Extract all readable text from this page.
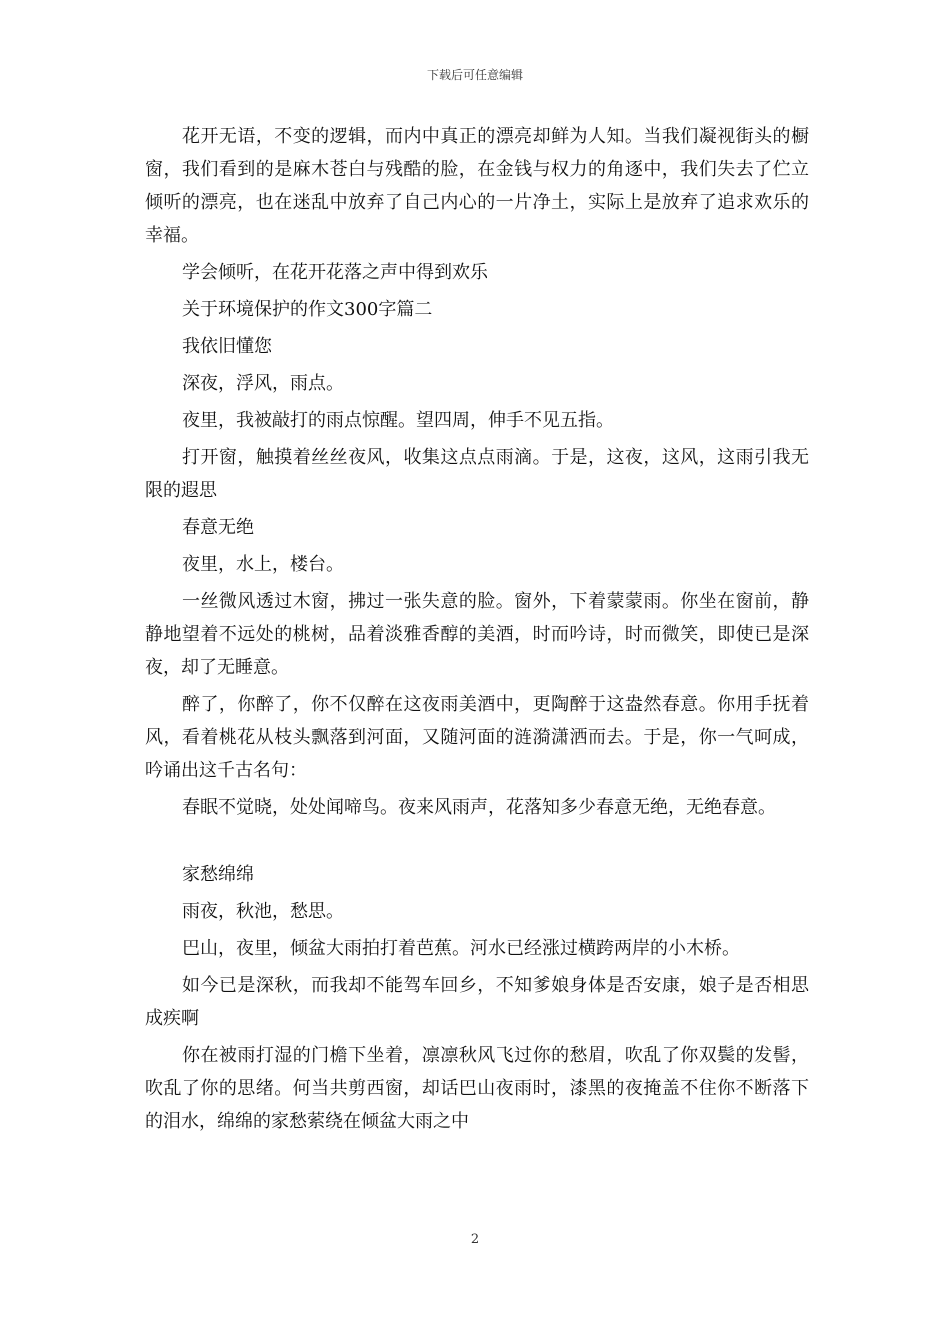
下载后可任意编辑

花开无语，不变的逻辑，而内中真正的漂亮却鲜为人知。当我们凝视街头的橱窗，我们看到的是麻木苍白与残酷的脸，在金钱与权力的角逐中，我们失去了伫立倾听的漂亮，也在迷乱中放弃了自己内心的一片净土，实际上是放弃了追求欢乐的幸福。

学会倾听，在花开花落之声中得到欢乐

关于环境保护的作文300字篇二

我依旧懂您

深夜，浮风，雨点。

夜里，我被敲打的雨点惊醒。望四周，伸手不见五指。

打开窗，触摸着丝丝夜风，收集这点点雨滴。于是，这夜，这风，这雨引我无限的遐思

春意无绝

夜里，水上，楼台。

一丝微风透过木窗，拂过一张失意的脸。窗外，下着蒙蒙雨。你坐在窗前，静静地望着不远处的桃树，品着淡雅香醇的美酒，时而吟诗，时而微笑，即使已是深夜，却了无睡意。

醉了，你醉了，你不仅醉在这夜雨美酒中，更陶醉于这盎然春意。你用手抚着风，看着桃花从枝头飘落到河面，又随河面的涟漪潇洒而去。于是，你一气呵成，吟诵出这千古名句：

春眠不觉晓，处处闻啼鸟。夜来风雨声，花落知多少春意无绝，无绝春意。

家愁绵绵

雨夜，秋池，愁思。

巴山，夜里，倾盆大雨拍打着芭蕉。河水已经涨过横跨两岸的小木桥。

如今已是深秋，而我却不能驾车回乡，不知爹娘身体是否安康，娘子是否相思成疾啊

你在被雨打湿的门檐下坐着，凛凛秋风飞过你的愁眉，吹乱了你双鬓的发髻，吹乱了你的思绪。何当共剪西窗，却话巴山夜雨时，漆黑的夜掩盖不住你不断落下的泪水，绵绵的家愁萦绕在倾盆大雨之中

2
